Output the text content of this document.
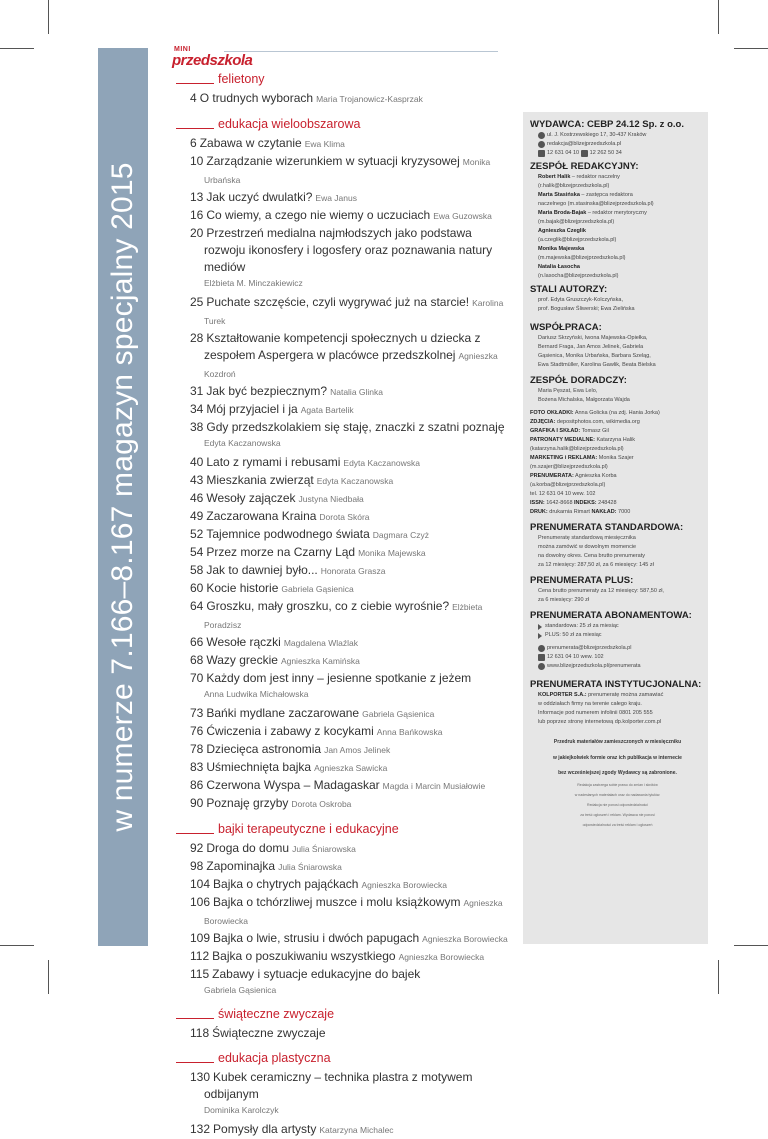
w numerze 7.166–8.167 magazyn specjalny 2015
MINI
przedszkola
felietony
4 O trudnych wyborach Maria Trojanowicz-Kasprzak
edukacja wieloobszarowa
6 Zabawa w czytanie Ewa Klima
10 Zarządzanie wizerunkiem w sytuacji kryzysowej Monika Urbańska
13 Jak uczyć dwulatki? Ewa Janus
16 Co wiemy, a czego nie wiemy o uczuciach Ewa Guzowska
20 Przestrzeń medialna najmłodszych jako podstawa rozwoju ikonosfery i logosfery oraz poznawania natury mediów
Elżbieta M. Minczakiewicz
25 Puchate szczęście, czyli wygrywać już na starcie! Karolina Turek
28 Kształtowanie kompetencji społecznych u dziecka z zespołem Aspergera w placówce przedszkolnej Agnieszka Kozdroń
31 Jak być bezpiecznym? Natalia Glinka
34 Mój przyjaciel i ja Agata Bartelik
38 Gdy przedszkolakiem się staję, znaczki z szatni poznaję
Edyta Kaczanowska
40 Lato z rymami i rebusami Edyta Kaczanowska
43 Mieszkania zwierząt Edyta Kaczanowska
46 Wesoły zajączek Justyna Niedbała
49 Zaczarowana Kraina Dorota Skóra
52 Tajemnice podwodnego świata Dagmara Czyż
54 Przez morze na Czarny Ląd Monika Majewska
58 Jak to dawniej było... Honorata Grasza
60 Kocie historie Gabriela Gąsienica
64 Groszku, mały groszku, co z ciebie wyrośnie? Elżbieta Poradzisz
66 Wesołe rączki Magdalena Wlaźlak
68 Wazy greckie Agnieszka Kamińska
70 Każdy dom jest inny – jesienne spotkanie z jeżem
Anna Ludwika Michałowska
73 Bańki mydlane zaczarowane Gabriela Gąsienica
76 Ćwiczenia i zabawy z kocykami Anna Bańkowska
78 Dziecięca astronomia Jan Amos Jelinek
83 Uśmiechnięta bajka Agnieszka Sawicka
86 Czerwona Wyspa – Madagaskar Magda i Marcin Musiałowie
90 Poznaję grzyby Dorota Oskroba
bajki terapeutyczne i edukacyjne
92 Droga do domu Julia Śniarowska
98 Zapominajka Julia Śniarowska
104 Bajka o chytrych pająćkach Agnieszka Borowiecka
106 Bajka o tchórzliwej muszce i molu książkowym Agnieszka Borowiecka
109 Bajka o lwie, strusiu i dwóch papugach Agnieszka Borowiecka
112 Bajka o poszukiwaniu wszystkiego Agnieszka Borowiecka
115 Zabawy i sytuacje edukacyjne do bajek
Gabriela Gąsienica
świąteczne zwyczaje
118 Świąteczne zwyczaje
edukacja plastyczna
130 Kubek ceramiczny – technika plastra z motywem odbijanym
Dominika Karolczyk
132 Pomysły dla artysty Katarzyna Michalec
WYDAWCA: CEBP 24.12 Sp. z o.o.
ul. J. Kostrzewskiego 17, 30-437 Kraków
redakcja@blizejprzedszkola.pl
12 631 04 10
12 262 50 34
ZESPÓŁ REDAKCYJNY:
Robert Halik – redaktor naczelny
(r.halik@blizejprzedszkola.pl)
Marta Stasińska – zastępca redaktora
naczelnego (m.stasinska@blizejprzedszkola.pl)
Maria Broda-Bajak – redaktor merytoryczny
(m.bajak@blizejprzedszkola.pl)
Agnieszka Czeglik
(a.czeglik@blizejprzedszkola.pl)
Monika Majewska
(m.majewska@blizejprzedszkola.pl)
Natalia Łasocha
(n.lasocha@blizejprzedszkola.pl)
STALI AUTORZY:
prof. Edyta Gruszczyk-Kolczyńska,
prof. Bogusław Śliwerski; Ewa Zielińska
WSPÓŁPRACA:
Dariusz Skrzyński, Iwona Majewska-Opiełka,
Bernard Fraga, Jan Amos Jelinek, Gabriela
Gąsienica, Monika Urbańska, Barbara Szeląg,
Ewa Stadtmüller, Karolina Gawlik, Beata Bielska
ZESPÓŁ DORADCZY:
Maria Pęszat, Ewa Lelo,
Bożena Michalska, Małgorzata Wajda
FOTO OKŁADKI: Anna Golicka (na zdj. Hania Jorka)
ZDJĘCIA: depositphotos.com, wikimedia.org
GRAFIKA I SKŁAD: Tomasz Gil
PATRONATY MEDIALNE: Katarzyna Halik
(katarzyna.halik@blizejprzedszkola.pl)
MARKETING i REKLAMA: Monika Szajer
(m.szajer@blizejprzedszkola.pl)
PRENUMERATA: Agnieszka Korba
(a.korba@blizejprzedszkola.pl)
tel. 12 631 04 10 wew. 102
ISSN: 1642-8668 INDEKS: 248428
DRUK: drukarnia Rimart NAKŁAD: 7000
PRENUMERATA STANDARDOWA:
Prenumeratę standardową miesięcznika
można zamówić w dowolnym momencie
na dowolny okres. Cena brutto prenumeraty
za 12 miesięcy: 287,50 zł, za 6 miesięcy: 145 zł
PRENUMERATA PLUS:
Cena brutto prenumeraty za 12 miesięcy: 587,50 zł,
za 6 miesięcy: 290 zł
PRENUMERATA ABONAMENTOWA:
standardowa: 25 zł za miesiąc
PLUS: 50 zł za miesiąc
prenumerata@blizejprzedszkola.pl
12 631 04 10 wew. 102
www.blizejprzedszkola.pl/prenumerata
PRENUMERATA INSTYTUCJONALNA:
KOLPORTER S.A.: prenumeratę można zamawiać
w oddziałach firmy na terenie całego kraju.
Informacje pod numerem infolinii 0801 205 555
lub poprzez stronę internetową dp.kolporter.com.pl
Przedruk materiałów zamieszczonych w miesięczniku
w jakiejkolwiek formie oraz ich publikacja w internecie
bez wcześniejszej zgody Wydawcy są zabronione.
Redakcja zastrzega sobie prawo do zmian i skrótów
w nadesłanych materiałach oraz do nadawania tytułów.
Redakcja nie ponosi odpowiedzialności
za treść ogłoszeń i reklam. Wydawca nie ponosi
odpowiedzialności za treść reklam i ogłoszeń
